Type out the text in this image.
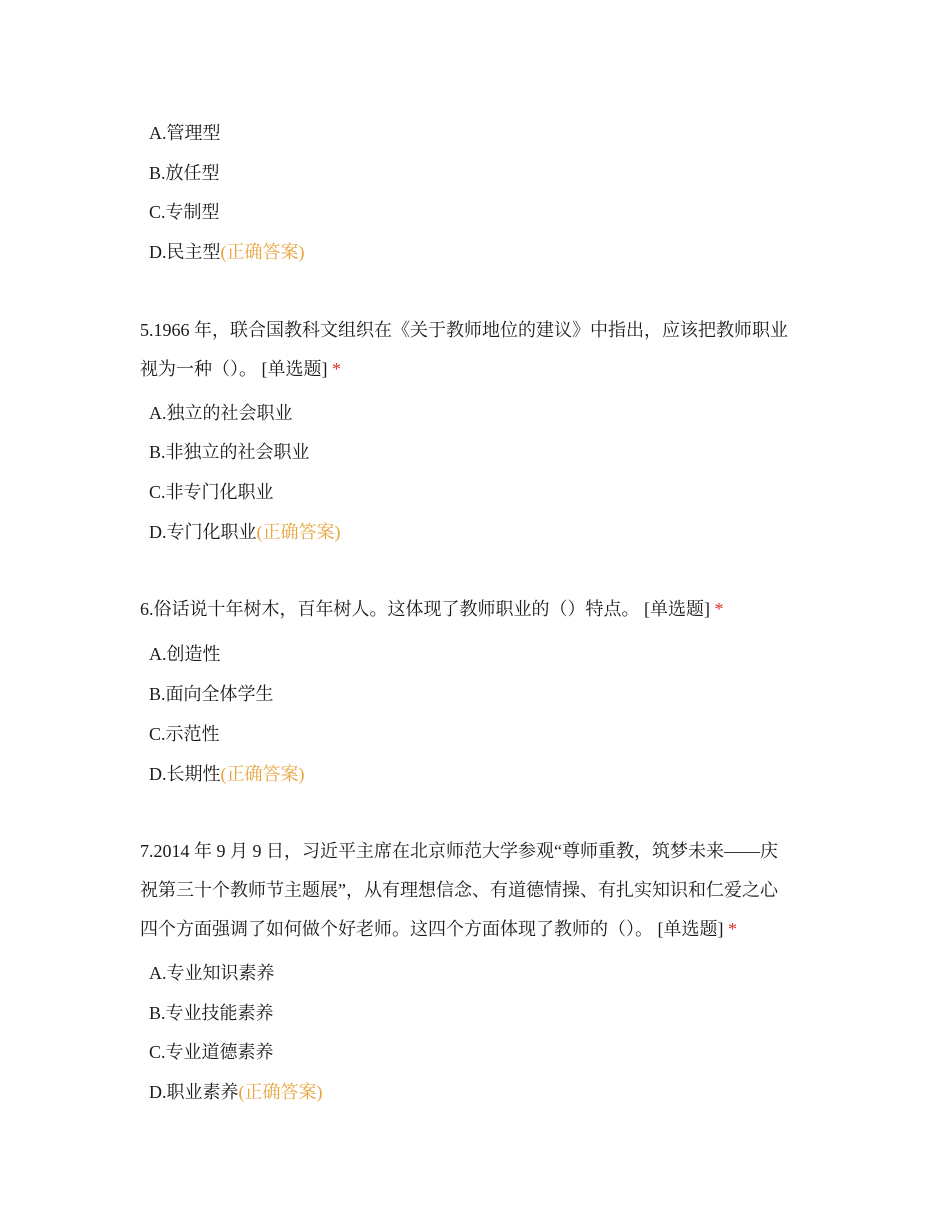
A.管理型
B.放任型
C.专制型
D.民主型(正确答案)
5.1966 年，联合国教科文组织在《关于教师地位的建议》中指出，应该把教师职业
视为一种（）。 [单选题] *
A.独立的社会职业
B.非独立的社会职业
C.非专门化职业
D.专门化职业(正确答案)
6.俗话说十年树木，百年树人。这体现了教师职业的（）特点。 [单选题] *
A.创造性
B.面向全体学生
C.示范性
D.长期性(正确答案)
7.2014 年 9 月 9 日，习近平主席在北京师范大学参观“尊师重教，筑梦未来——庆
祝第三十个教师节主题展”，从有理想信念、有道德情操、有扎实知识和仁爱之心
四个方面强调了如何做个好老师。这四个方面体现了教师的（）。 [单选题] *
A.专业知识素养
B.专业技能素养
C.专业道德素养
D.职业素养(正确答案)
